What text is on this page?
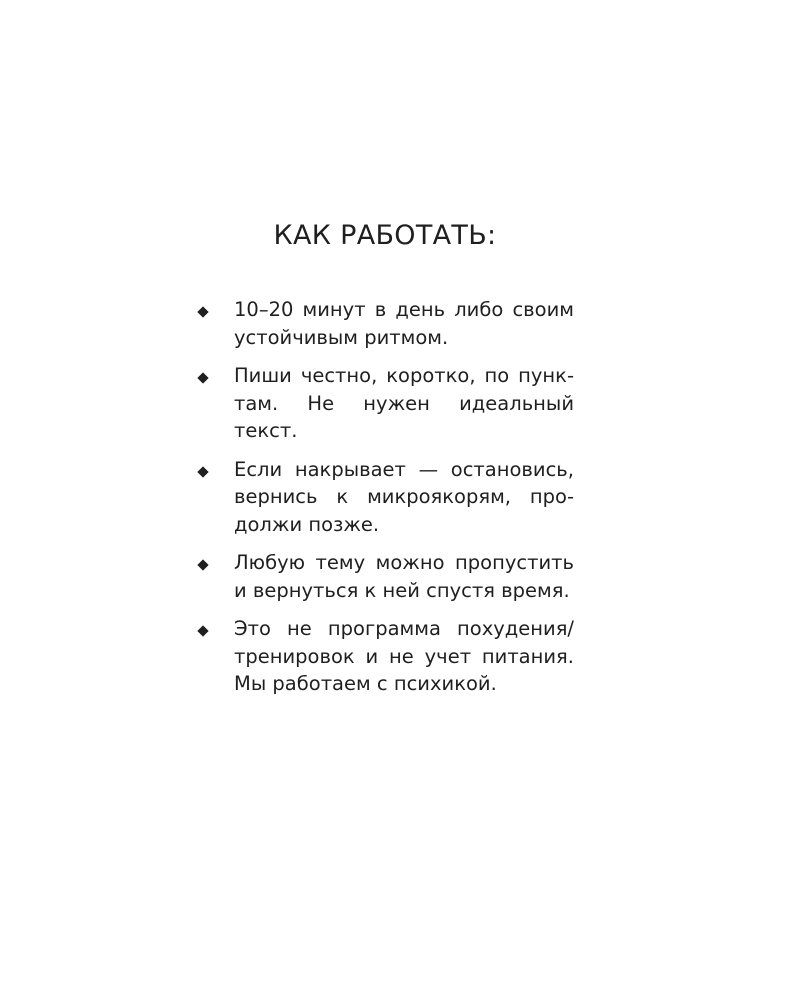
КАК РАБОТАТЬ:
10–20 минут в день либо своим устойчивым ритмом.
Пиши честно, коротко, по пунктам. Не нужен идеальный текст.
Если накрывает — остановись, вернись к микроякорям, продолжи позже.
Любую тему можно пропустить и вернуться к ней спустя время.
Это не программа похудения/ тренировок и не учет питания. Мы работаем с психикой.
